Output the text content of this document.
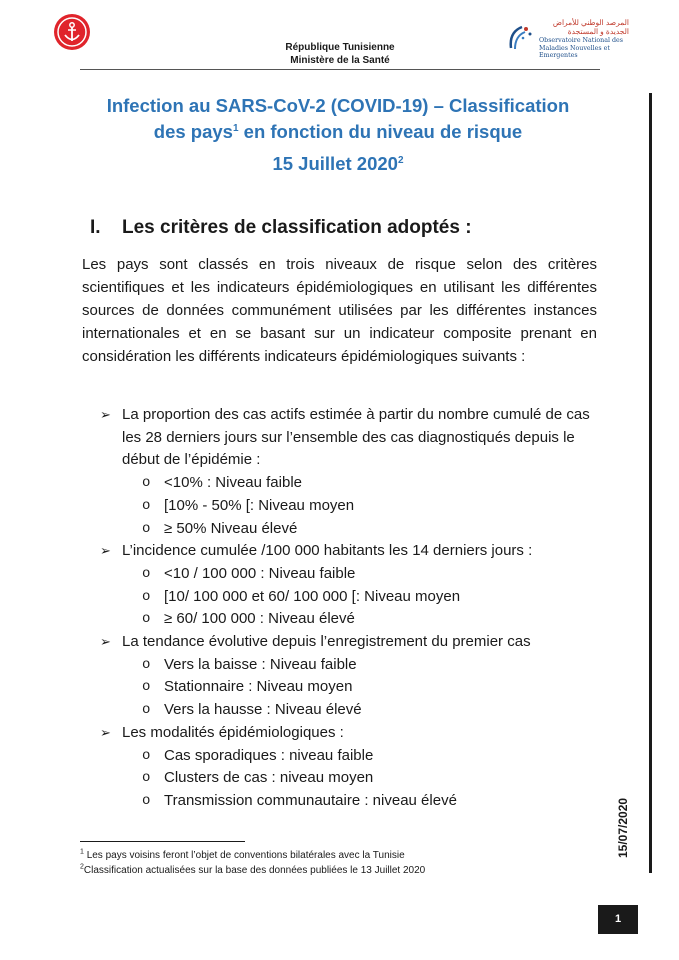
المرصد الوطني للأمراض
الجديدة و المستجدة
Observatoire National des Maladies Nouvelles et Emergentes
République Tunisienne
Ministère de la Santé
Infection au SARS-CoV-2 (COVID-19) – Classification
des pays$^1$ en fonction du niveau de risque
15 Juillet 2020$^2$
I. Les critères de classification adoptés :

Les pays sont classés en trois niveaux de risque selon des critères scientifiques et les indicateurs épidémiologiques en utilisant les différentes sources de données communément utilisées par les différentes instances internationales et en se basant sur un indicateur composite prenant en considération les différents indicateurs épidémiologiques suivants :

➢ La proportion des cas actifs estimée à partir du nombre cumulé de cas les 28 derniers jours sur l’ensemble des cas diagnostiqués depuis le début de l’épidémie :
o <10% : Niveau faible
o [10% - 50% [: Niveau moyen
o ≥ 50% Niveau élevé
➢ L’incidence cumulée /100 000 habitants les 14 derniers jours :
o <10 / 100 000 : Niveau faible
o [10/ 100 000 et 60/ 100 000 [: Niveau moyen
o ≥ 60/ 100 000 : Niveau élevé
➢ La tendance évolutive depuis l’enregistrement du premier cas
o Vers la baisse : Niveau faible
o Stationnaire : Niveau moyen
o Vers la hausse : Niveau élevé
➢ Les modalités épidémiologiques :
o Cas sporadiques : niveau faible
o Clusters de cas : niveau moyen
o Transmission communautaire : niveau élevé
$^1$ Les pays voisins feront l’objet de conventions bilatérales avec la Tunisie
$^2$Classification actualisées sur la base des données publiées le 13 Juillet 2020
15/07/2020
1
